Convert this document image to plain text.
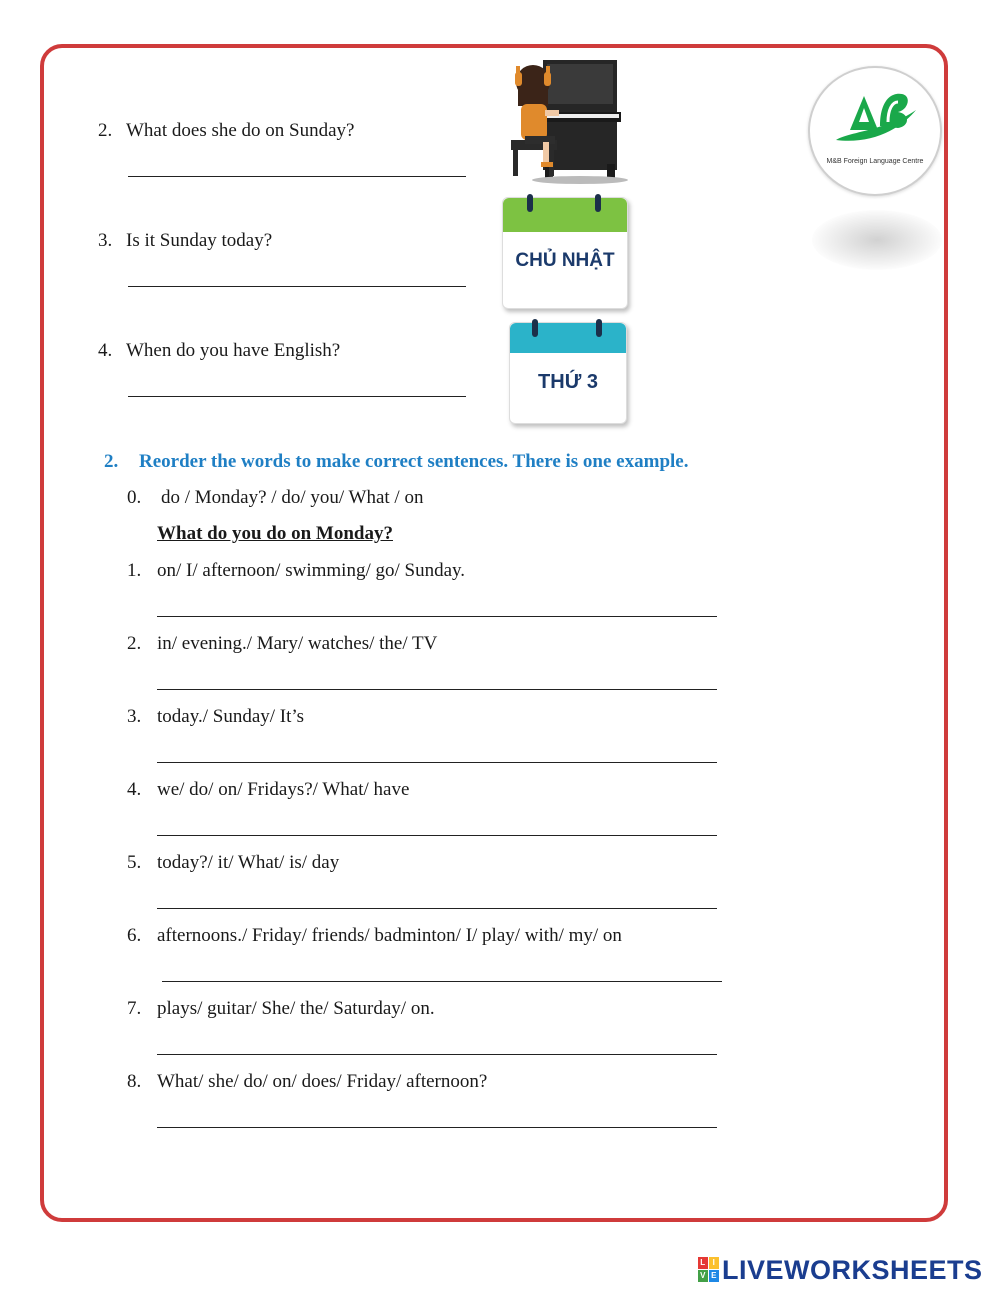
2. What does she do on Sunday?
3. Is it Sunday today?
4. When do you have English?
CHỦ NHẬT
THỨ 3
M&B Foreign Language Centre
2. Reorder the words to make correct sentences. There is one example.
0. do / Monday? / do/ you/ What / on
What do you do on Monday?
1. on/ I/ afternoon/ swimming/ go/ Sunday.
2. in/ evening./ Mary/ watches/ the/ TV
3. today./ Sunday/ It’s
4. we/ do/ on/ Fridays?/ What/ have
5. today?/ it/ What/ is/ day
6. afternoons./ Friday/ friends/ badminton/ I/ play/ with/ my/ on
7. plays/ guitar/ She/ the/ Saturday/ on.
8. What/ she/ do/ on/ does/ Friday/ afternoon?
L I
V E LIVEWORKSHEETS
